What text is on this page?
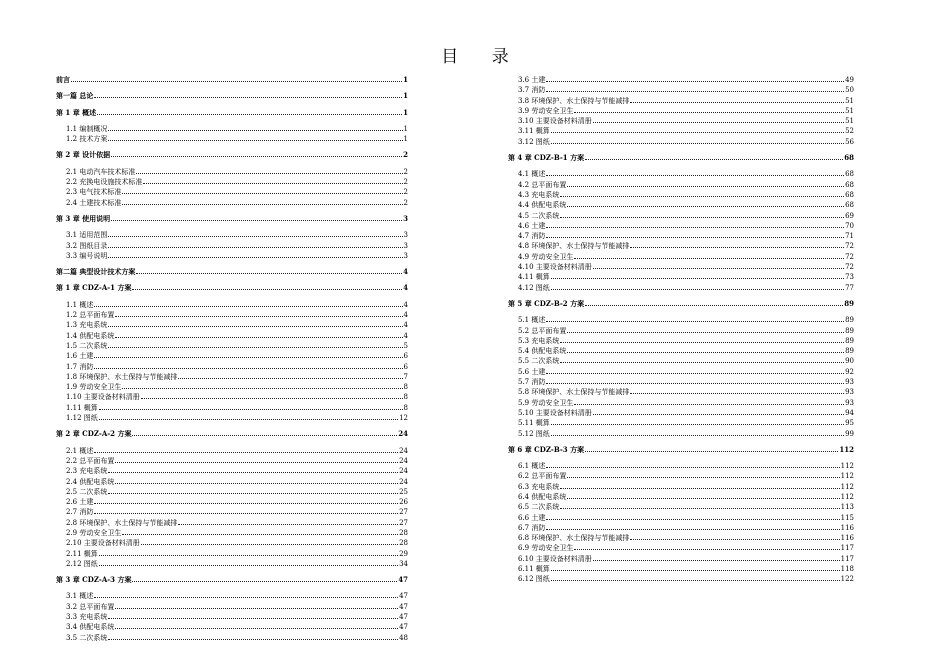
目 录
前言	1
第一篇 总论	1
第 1 章 概述	1
1.1 编制概况	1
1.2 技术方案	1
第 2 章 设计依据	2
2.1 电动汽车技术标准	2
2.2 充换电设施技术标准	2
2.3 电气技术标准	2
2.4 土建技术标准	2
第 3 章 使用说明	3
3.1 适用范围	3
3.2 图纸目录	3
3.3 编号说明	3
第二篇 典型设计技术方案	4
第 1 章 CDZ-A-1 方案	4
1.1 概述	4
1.2 总平面布置	4
1.3 充电系统	4
1.4 供配电系统	4
1.5 二次系统	5
1.6 土建	6
1.7 消防	6
1.8 环境保护、水土保持与节能减排	7
1.9 劳动安全卫生	8
1.10 主要设备材料清册	8
1.11 概算	8
1.12 图纸	12
第 2 章 CDZ-A-2 方案	24
2.1 概述	24
2.2 总平面布置	24
2.3 充电系统	24
2.4 供配电系统	24
2.5 二次系统	25
2.6 土建	26
2.7 消防	27
2.8 环境保护、水土保持与节能减排	27
2.9 劳动安全卫生	28
2.10 主要设备材料清册	28
2.11 概算	29
2.12 图纸	34
第 3 章 CDZ-A-3 方案	47
3.1 概述	47
3.2 总平面布置	47
3.3 充电系统	47
3.4 供配电系统	47
3.5 二次系统	48
3.6 土建	49
3.7 消防	50
3.8 环境保护、水土保持与节能减排	51
3.9 劳动安全卫生	51
3.10 主要设备材料清册	51
3.11 概算	52
3.12 图纸	56
第 4 章 CDZ-B-1 方案	68
4.1 概述	68
4.2 总平面布置	68
4.3 充电系统	68
4.4 供配电系统	68
4.5 二次系统	69
4.6 土建	70
4.7 消防	71
4.8 环境保护、水土保持与节能减排	72
4.9 劳动安全卫生	72
4.10 主要设备材料清册	72
4.11 概算	73
4.12 图纸	77
第 5 章 CDZ-B-2 方案	89
5.1 概述	89
5.2 总平面布置	89
5.3 充电系统	89
5.4 供配电系统	89
5.5 二次系统	90
5.6 土建	92
5.7 消防	93
5.8 环境保护、水土保持与节能减排	93
5.9 劳动安全卫生	93
5.10 主要设备材料清册	94
5.11 概算	95
5.12 图纸	99
第 6 章 CDZ-B-3 方案	112
6.1 概述	112
6.2 总平面布置	112
6.3 充电系统	112
6.4 供配电系统	112
6.5 二次系统	113
6.6 土建	115
6.7 消防	116
6.8 环境保护、水土保持与节能减排	116
6.9 劳动安全卫生	117
6.10 主要设备材料清册	117
6.11 概算	118
6.12 图纸	122
